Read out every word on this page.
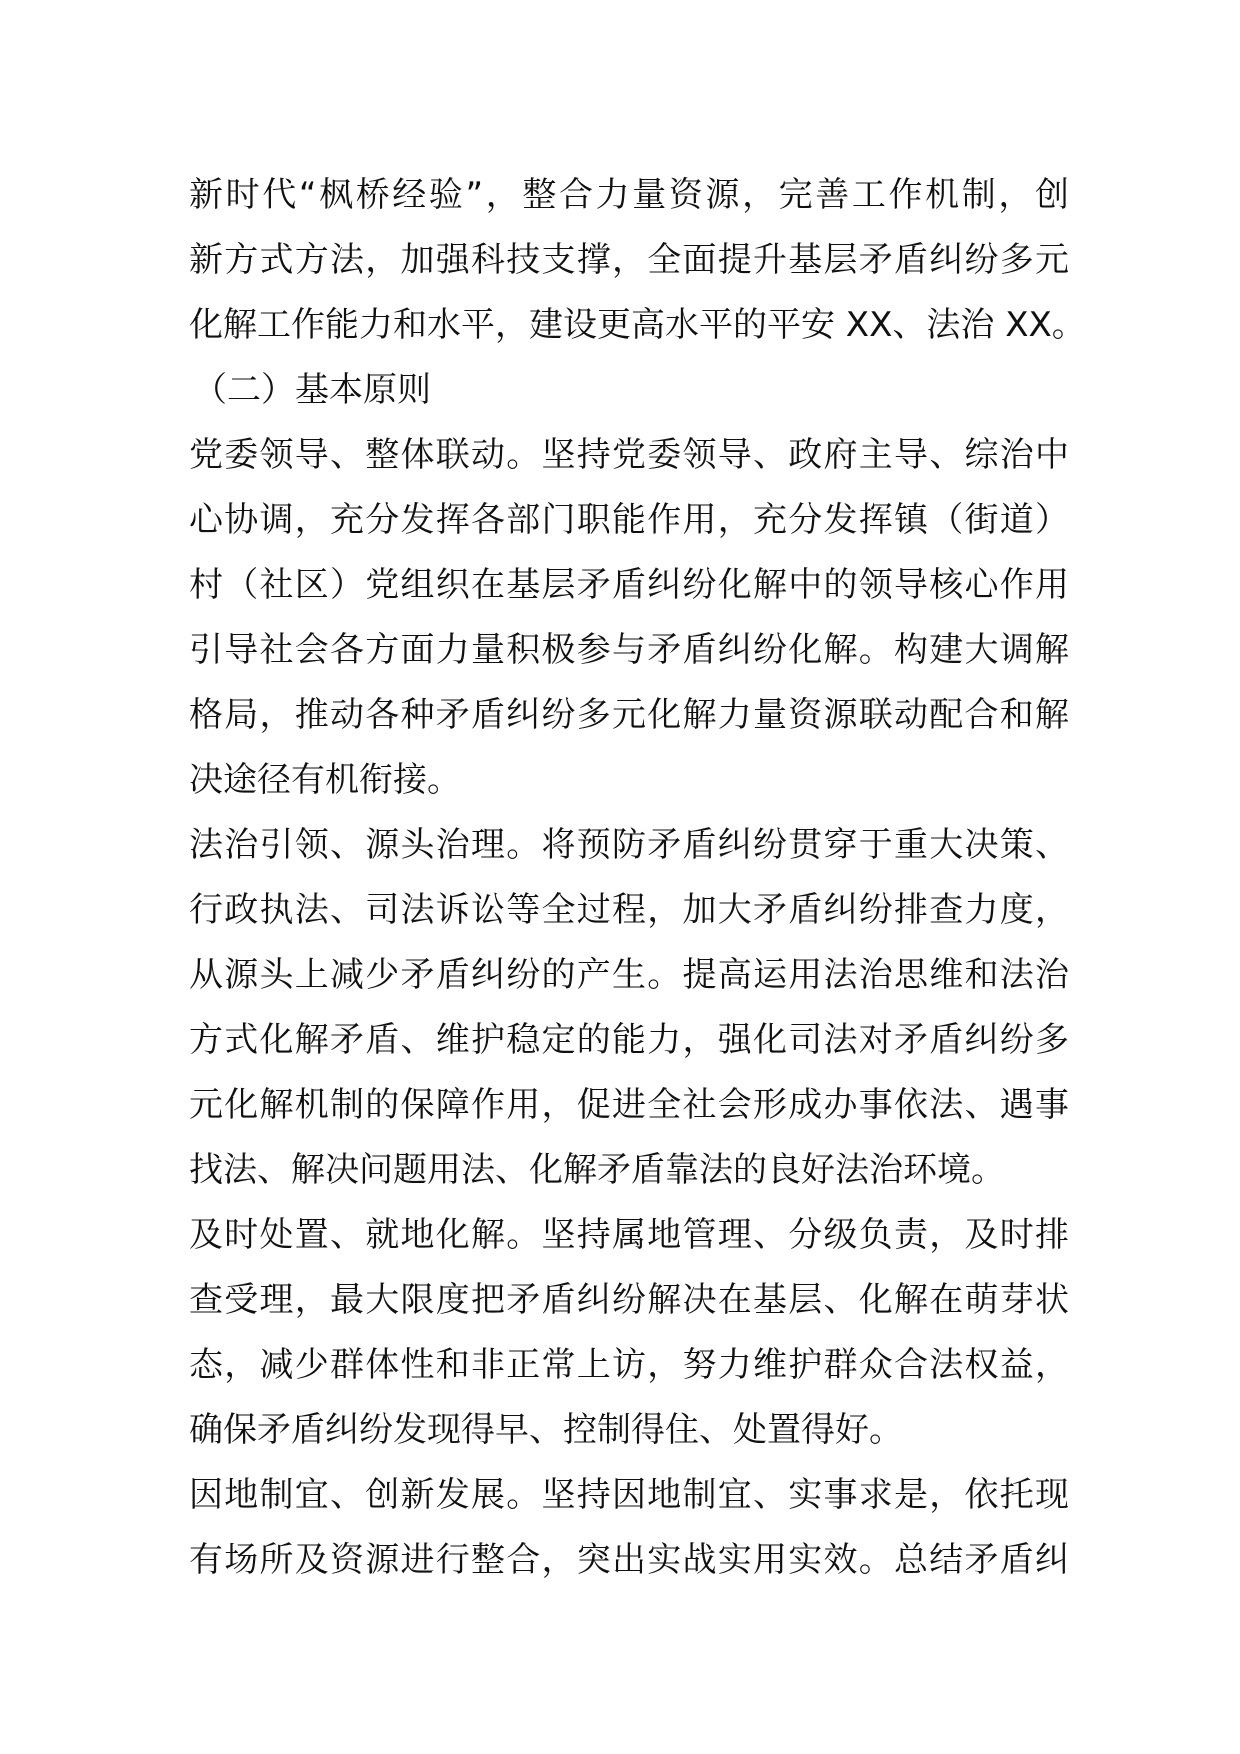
新时代“枫桥经验”，整合力量资源，完善工作机制，创
新方式方法，加强科技支撑，全面提升基层矛盾纠纷多元
化解工作能力和水平，建设更高水平的平安 XX、法治 XX。
（二）基本原则
党委领导、整体联动。坚持党委领导、政府主导、综治中
心协调，充分发挥各部门职能作用，充分发挥镇（街道）
村（社区）党组织在基层矛盾纠纷化解中的领导核心作用
引导社会各方面力量积极参与矛盾纠纷化解。构建大调解
格局，推动各种矛盾纠纷多元化解力量资源联动配合和解
决途径有机衔接。
法治引领、源头治理。将预防矛盾纠纷贯穿于重大决策、
行政执法、司法诉讼等全过程，加大矛盾纠纷排查力度，
从源头上减少矛盾纠纷的产生。提高运用法治思维和法治
方式化解矛盾、维护稳定的能力，强化司法对矛盾纠纷多
元化解机制的保障作用，促进全社会形成办事依法、遇事
找法、解决问题用法、化解矛盾靠法的良好法治环境。
及时处置、就地化解。坚持属地管理、分级负责，及时排
查受理，最大限度把矛盾纠纷解决在基层、化解在萌芽状
态，减少群体性和非正常上访，努力维护群众合法权益，
确保矛盾纠纷发现得早、控制得住、处置得好。
因地制宜、创新发展。坚持因地制宜、实事求是，依托现
有场所及资源进行整合，突出实战实用实效。总结矛盾纠
